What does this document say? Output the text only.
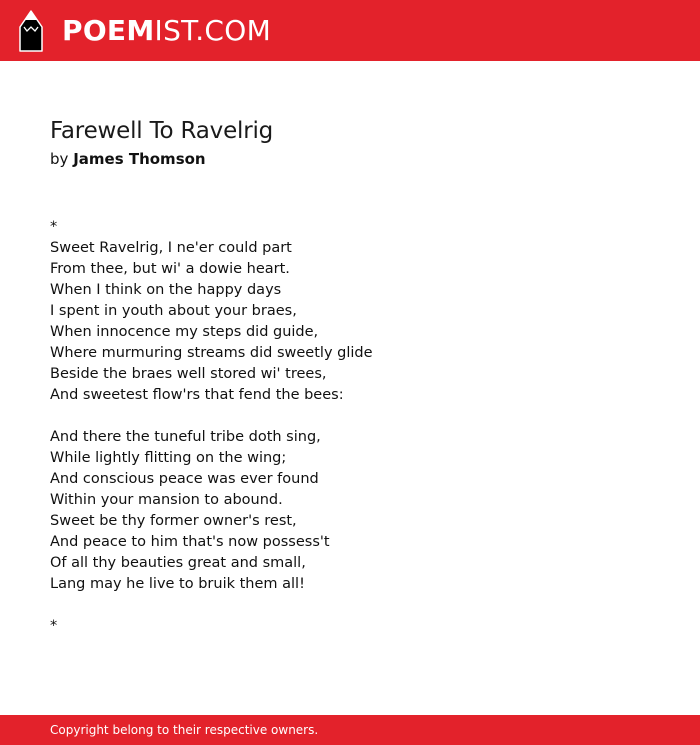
POEMIST.COM
Farewell To Ravelrig
by James Thomson
*
Sweet Ravelrig, I ne'er could part
From thee, but wi' a dowie heart.
When I think on the happy days
I spent in youth about your braes,
When innocence my steps did guide,
Where murmuring streams did sweetly glide
Beside the braes well stored wi' trees,
And sweetest flow'rs that fend the bees:
And there the tuneful tribe doth sing,
While lightly flitting on the wing;
And conscious peace was ever found
Within your mansion to abound.
Sweet be thy former owner's rest,
And peace to him that's now possess't
Of all thy beauties great and small,
Lang may he live to bruik them all!
*
Copyright belong to their respective owners.
